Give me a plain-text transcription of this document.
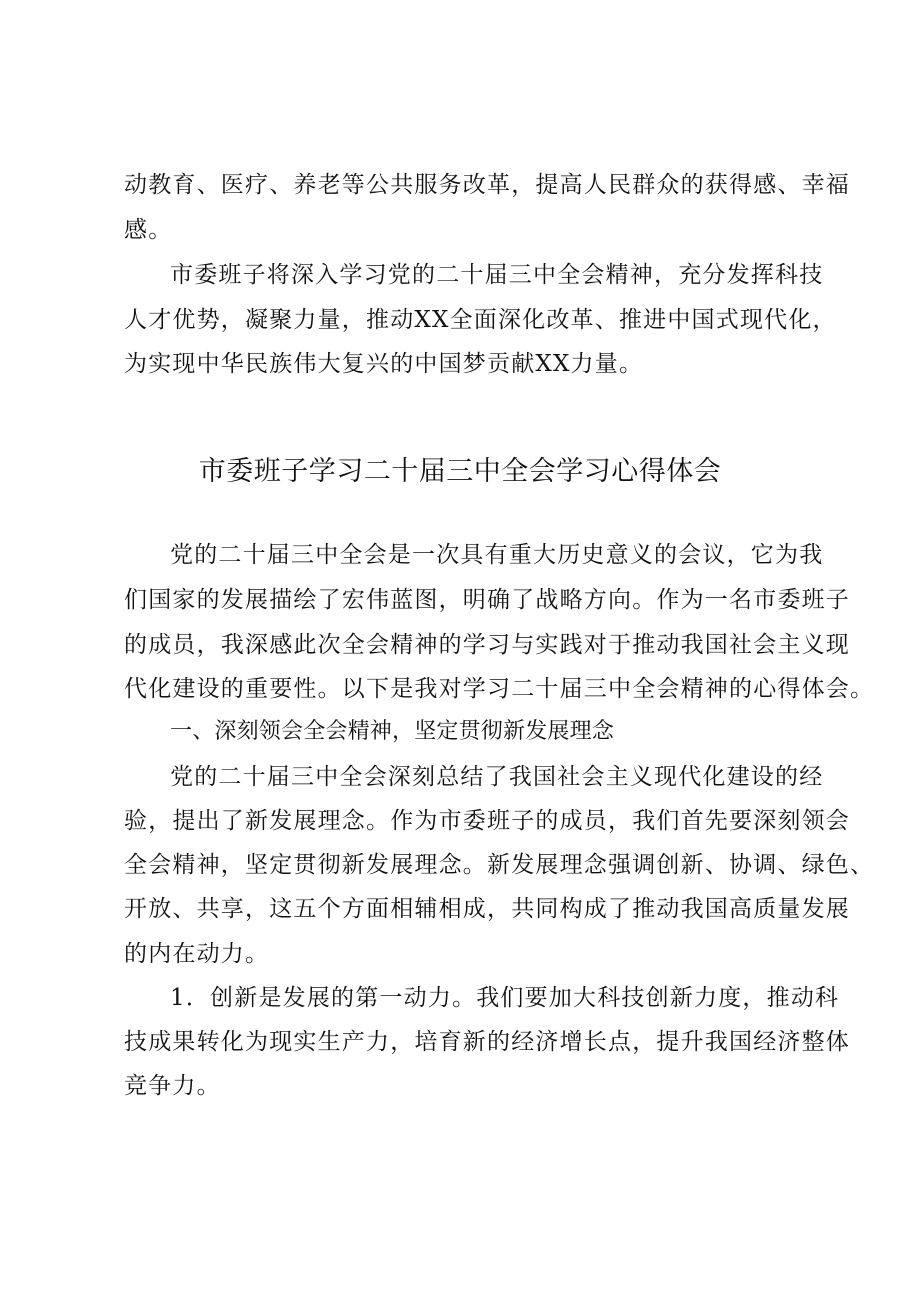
动教育、医疗、养老等公共服务改革，提高人民群众的获得感、幸福
感。
市委班子将深入学习党的二十届三中全会精神，充分发挥科技
人才优势，凝聚力量，推动XX全面深化改革、推进中国式现代化，
为实现中华民族伟大复兴的中国梦贡献XX力量。
市委班子学习二十届三中全会学习心得体会
党的二十届三中全会是一次具有重大历史意义的会议，它为我
们国家的发展描绘了宏伟蓝图，明确了战略方向。作为一名市委班子
的成员，我深感此次全会精神的学习与实践对于推动我国社会主义现
代化建设的重要性。以下是我对学习二十届三中全会精神的心得体会。
一、深刻领会全会精神，坚定贯彻新发展理念
党的二十届三中全会深刻总结了我国社会主义现代化建设的经
验，提出了新发展理念。作为市委班子的成员，我们首先要深刻领会
全会精神，坚定贯彻新发展理念。新发展理念强调创新、协调、绿色、
开放、共享，这五个方面相辅相成，共同构成了推动我国高质量发展
的内在动力。
1．创新是发展的第一动力。我们要加大科技创新力度，推动科
技成果转化为现实生产力，培育新的经济增长点，提升我国经济整体
竞争力。
